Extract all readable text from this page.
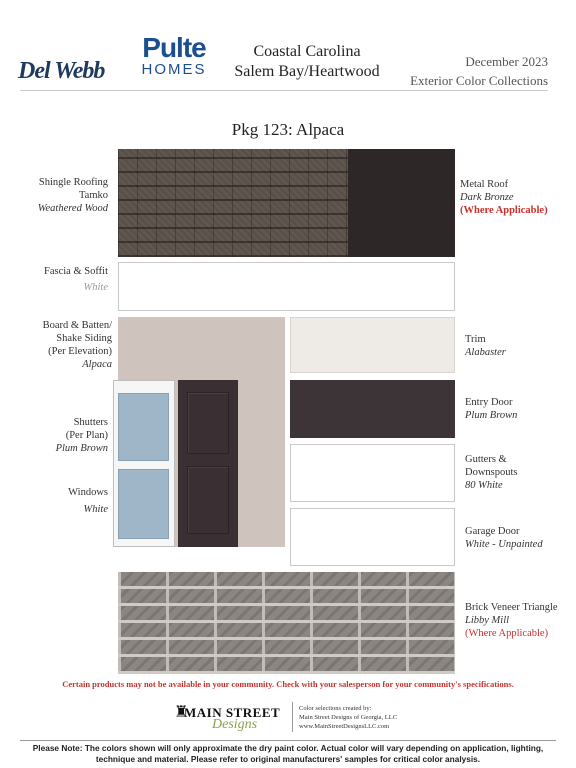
Del Webb
Pulte
HOMES
Coastal Carolina
Salem Bay/Heartwood
December 2023
Exterior Color Collections
Pkg 123: Alpaca
Shingle Roofing
Tamko
Weathered Wood
Fascia & Soffit
White
Board & Batten/
Shake Siding
(Per Elevation)
Alpaca
Shutters
(Per Plan)
Plum Brown
Windows
White
Metal Roof
Dark Bronze
(Where Applicable)
Trim
Alabaster
Entry Door
Plum Brown
Gutters &
Downspouts
80 White
Garage Door
White - Unpainted
Brick Veneer Triangle
Libby Mill
(Where Applicable)
Certain products may not be available in your community. Check with your salesperson for your community's specifications.
♜
MAIN STREET
Designs
Color selections created by:
Main Street Designs of Georgia, LLC
www.MainStreetDesignsLLC.com
Please Note: The colors shown will only approximate the dry paint color. Actual color will vary depending on application, lighting, technique and material. Please refer to original manufacturers' samples for critical color analysis.
